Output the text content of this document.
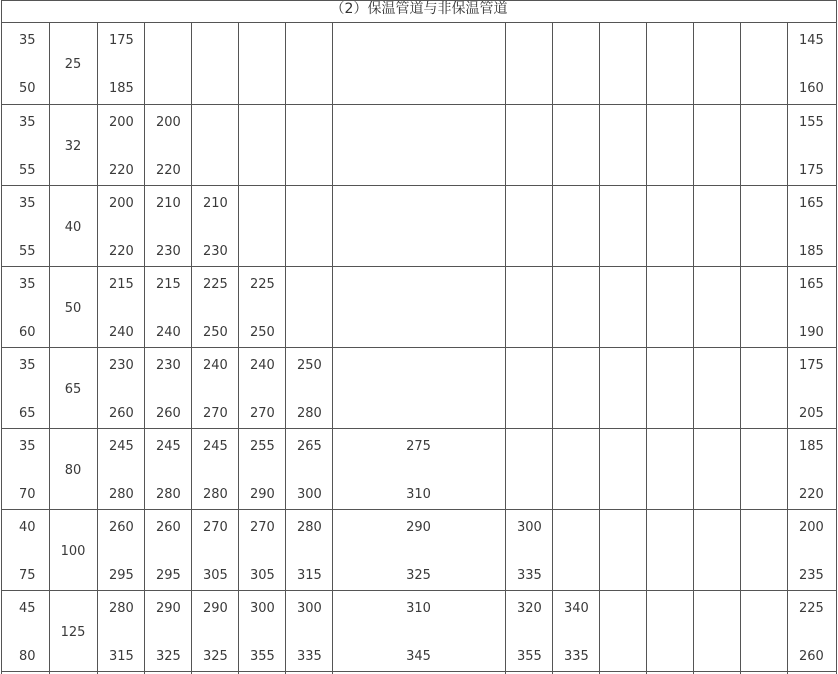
（2）保温管道与非保温管道
35
50
25
175
185
145
160
35
55
32
200
220
200
220
155
175
35
55
40
200
220
210
230
210
230
165
185
35
60
50
215
240
215
240
225
250
225
250
165
190
35
65
65
230
260
230
260
240
270
240
270
250
280
175
205
35
70
80
245
280
245
280
245
280
255
290
265
300
275
310
185
220
40
75
100
260
295
260
295
270
305
270
305
280
315
290
325
300
335
200
235
45
80
125
280
315
290
325
290
325
300
355
300
335
310
345
320
355
340
335
225
260
